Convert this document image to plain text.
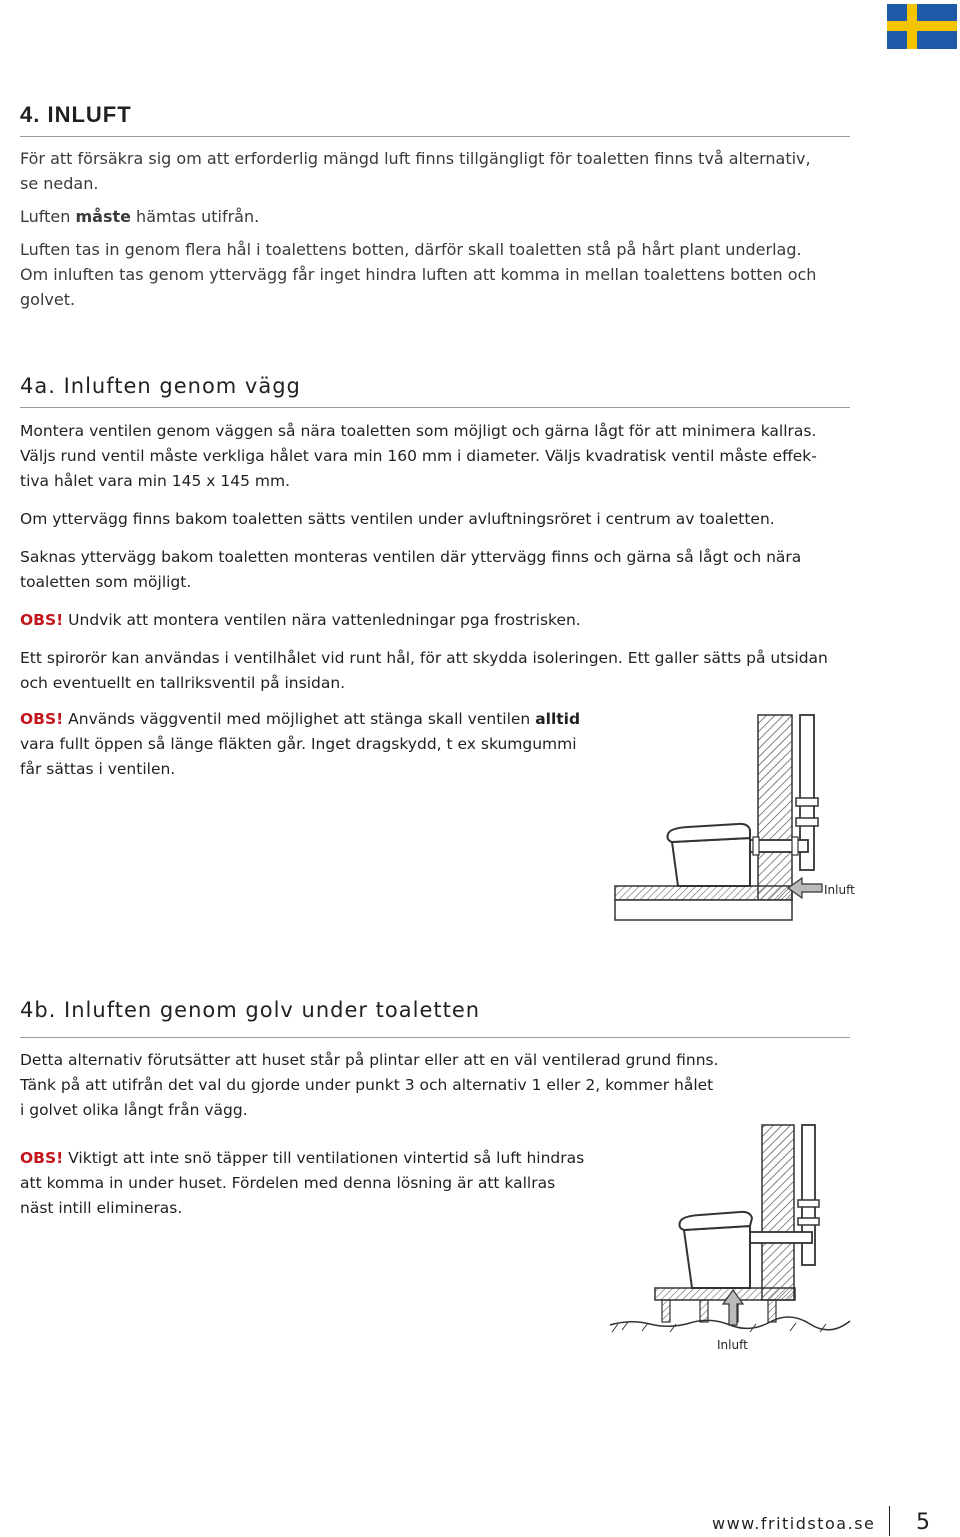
4. INLUFT

För att försäkra sig om att erforderlig mängd luft finns tillgängligt för toaletten finns två alternativ,

se nedan.

Luften måste hämtas utifrån.

Luften tas in genom flera hål i toalettens botten, därför skall toaletten stå på hårt plant underlag.

Om inluften tas genom yttervägg får inget hindra luften att komma in mellan toalettens botten och golvet.

4a. Inluften genom vägg

Montera ventilen genom väggen så nära toaletten som möjligt och gärna lågt för att minimera kallras.

Väljs rund ventil måste verkliga hålet vara min 160 mm i diameter. Väljs kvadratisk ventil måste effek-

tiva hålet vara min 145 x 145 mm.

Om yttervägg finns bakom toaletten sätts ventilen under avluftningsröret i centrum av toaletten.

Saknas yttervägg bakom toaletten monteras ventilen där yttervägg finns och gärna så lågt och nära

toaletten som möjligt.

OBS! Undvik att montera ventilen nära vattenledningar pga frostrisken.

Ett spirorör kan användas i ventilhålet vid runt hål, för att skydda isoleringen. Ett galler sätts på utsidan

och eventuellt en tallriksventil på insidan.

OBS! Används väggventil med möjlighet att stänga skall ventilen alltid

vara fullt öppen så länge fläkten går. Inget dragskydd, t ex skumgummi

får sättas i ventilen.

Inluft
4b. Inluften genom golv under toaletten

Detta alternativ förutsätter att huset står på plintar eller att en väl ventilerad grund finns.

Tänk på att utifrån det val du gjorde under punkt 3 och alternativ 1 eller 2, kommer hålet

i golvet olika långt från vägg.

OBS! Viktigt att inte snö täpper till ventilationen vintertid så luft hindras

att komma in under huset. Fördelen med denna lösning är att kallras

näst intill elimineras.

Inluft
www.fritidstoa.se 5
